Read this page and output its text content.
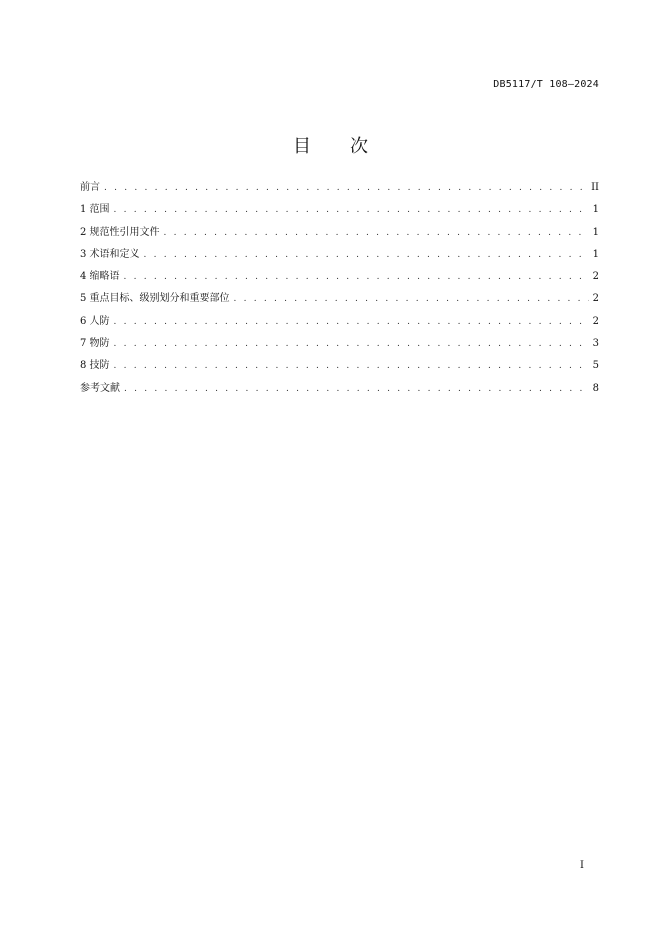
DB5117/T 108—2024
目　　次
前言 . . .	II
1 范围 . . .	1
2 规范性引用文件 . . .	1
3 术语和定义 . . .	1
4 缩略语 . . .	2
5 重点目标、级别划分和重要部位 . . .	2
6 人防 . . .	2
7 物防 . . .	3
8 技防 . . .	5
参考文献 . . .	8
I
